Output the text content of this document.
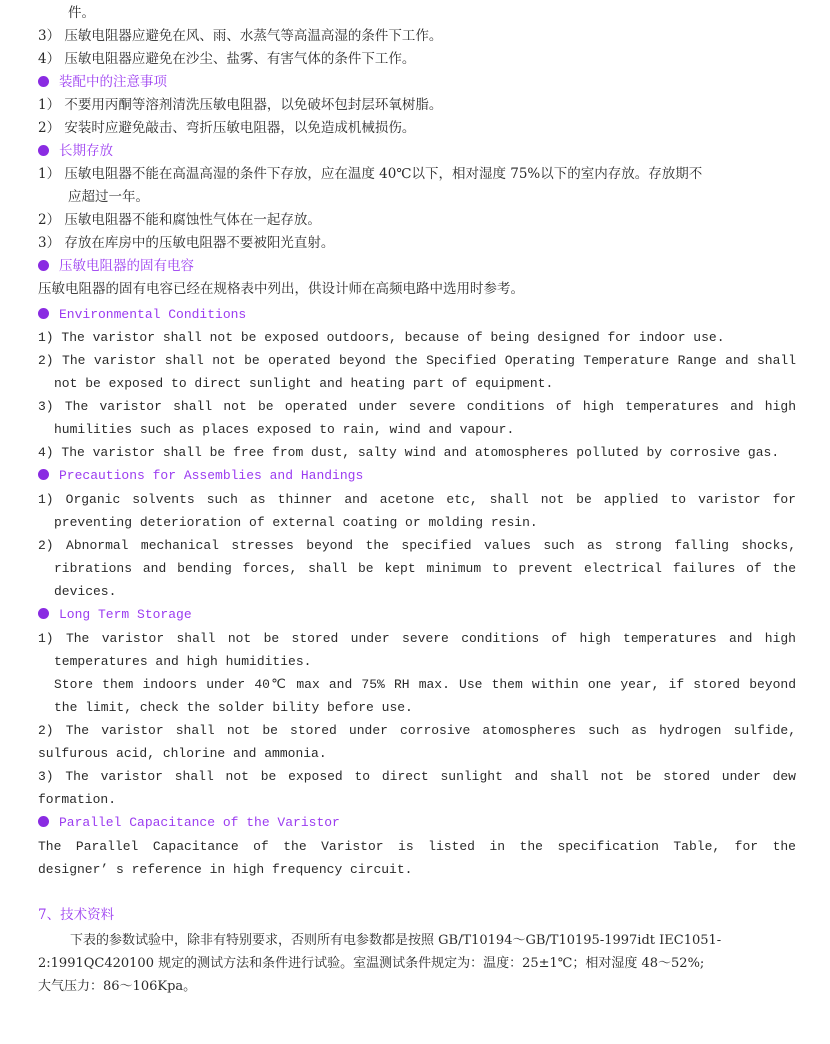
件。
3） 压敏电阻器应避免在风、雨、水蒸气等高温高湿的条件下工作。
4） 压敏电阻器应避免在沙尘、盐雾、有害气体的条件下工作。
装配中的注意事项
1） 不要用丙酮等溶剂清洗压敏电阻器，以免破坏包封层环氧树脂。
2） 安装时应避免敲击、弯折压敏电阻器，以免造成机械损伤。
长期存放
1） 压敏电阻器不能在高温高湿的条件下存放，应在温度 40℃以下，相对湿度 75%以下的室内存放。存放期不
应超过一年。
2） 压敏电阻器不能和腐蚀性气体在一起存放。
3） 存放在库房中的压敏电阻器不要被阳光直射。
压敏电阻器的固有电容
压敏电阻器的固有电容已经在规格表中列出，供设计师在高频电路中选用时参考。
Environmental Conditions
1) The varistor shall not be exposed outdoors, because of being designed for indoor use.
2) The varistor shall not be operated beyond the Specified Operating Temperature Range and shall
not be exposed to direct sunlight and heating part of equipment.
3) The varistor shall not be operated under severe conditions of high temperatures and high
humilities such as places exposed to rain, wind and vapour.
4) The varistor shall be free from dust, salty wind and atomospheres polluted by corrosive gas.
Precautions for Assemblies and Handings
1) Organic solvents such as thinner and acetone etc, shall not be applied to varistor for
preventing deterioration of external coating or molding resin.
2) Abnormal mechanical stresses beyond the specified values such as strong falling shocks,
ribrations and bending forces, shall be kept minimum to prevent electrical failures of the
devices.
Long Term Storage
1) The varistor shall not be stored under severe conditions of high temperatures and high
temperatures and high humidities.
Store them indoors under 40℃ max and 75% RH max. Use them within one year, if stored beyond
the limit, check the solder bility before use.
2) The varistor shall not be stored under corrosive atomospheres such as hydrogen sulfide,
sulfurous acid, chlorine and ammonia.
3) The varistor shall not be exposed to direct sunlight and shall not be stored under dew
formation.
Parallel Capacitance of the Varistor
The Parallel Capacitance of the Varistor is listed in the specification Table, for the
designer’ s reference in high frequency circuit.
7、技术资料
下表的参数试验中，除非有特别要求，否则所有电参数都是按照 GB/T10194～GB/T10195-1997idt IEC1051-
2:1991QC420100 规定的测试方法和条件进行试验。室温测试条件规定为：温度：25±1℃；相对湿度 48～52%;
大气压力：86～106Kpa。
